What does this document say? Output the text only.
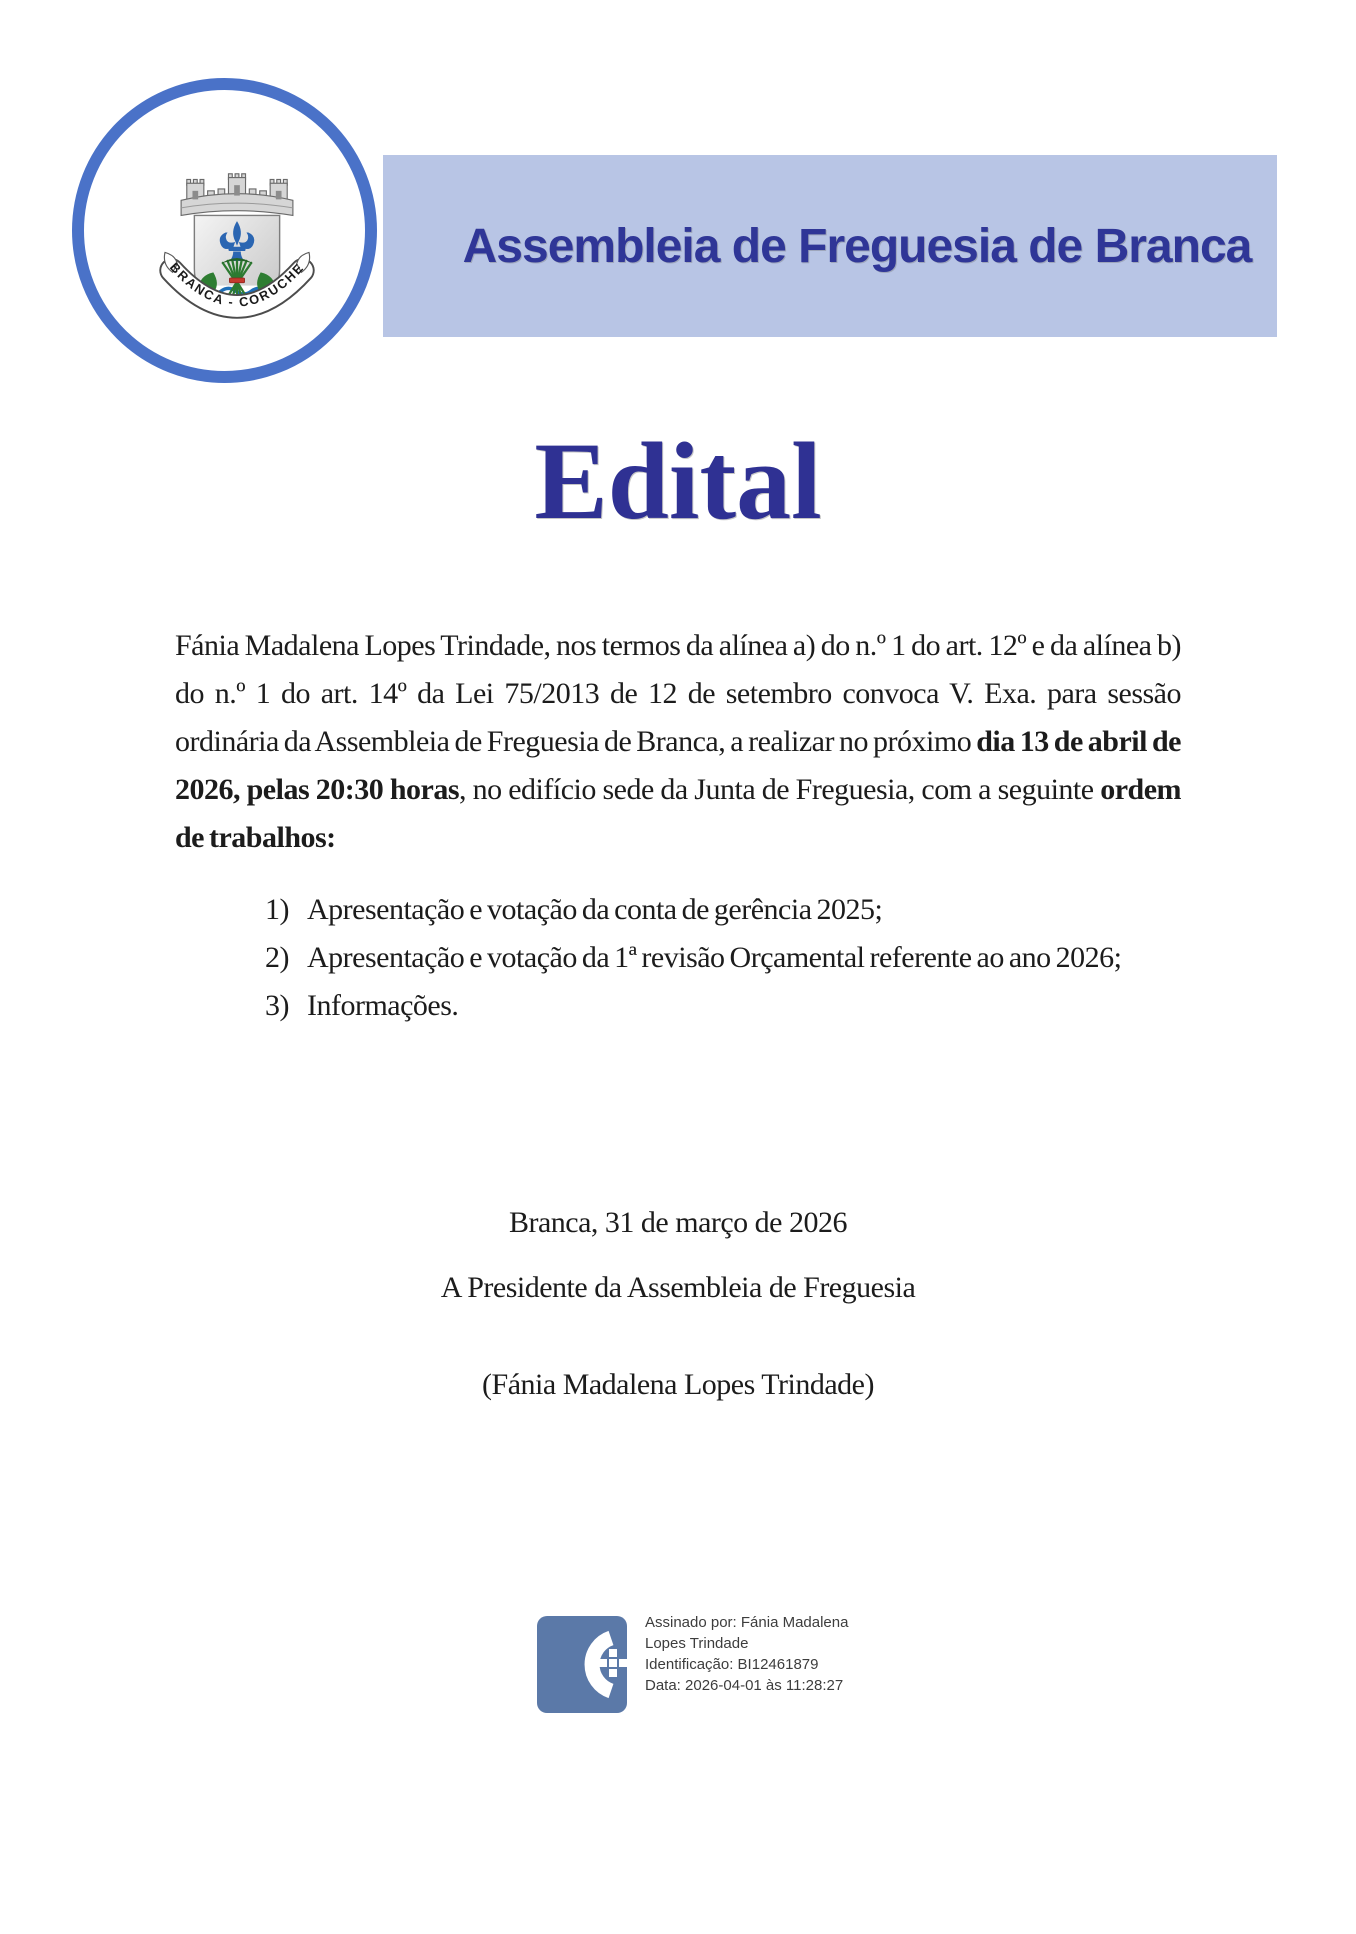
Assembleia de Freguesia de Branca
BRANCA - CORUCHE
Edital

Fánia Madalena Lopes Trindade, nos termos da alínea a) do n.º 1 do art. 12º e da alínea b) do n.º 1 do art. 14º da Lei 75/2013 de 12 de setembro convoca V. Exa. para sessão ordinária da Assembleia de Freguesia de Branca, a realizar no próximo dia 13 de abril de 2026, pelas 20:30 horas, no edifício sede da Junta de Freguesia, com a seguinte ordem de trabalhos:

1) Apresentação e votação da conta de gerência 2025;
2) Apresentação e votação da 1ª revisão Orçamental referente ao ano 2026;
3) Informações.
Branca, 31 de março de 2026
A Presidente da Assembleia de Freguesia
(Fánia Madalena Lopes Trindade)
Assinado por: Fánia Madalena
Lopes Trindade
Identificação: BI12461879
Data: 2026-04-01 às 11:28:27
